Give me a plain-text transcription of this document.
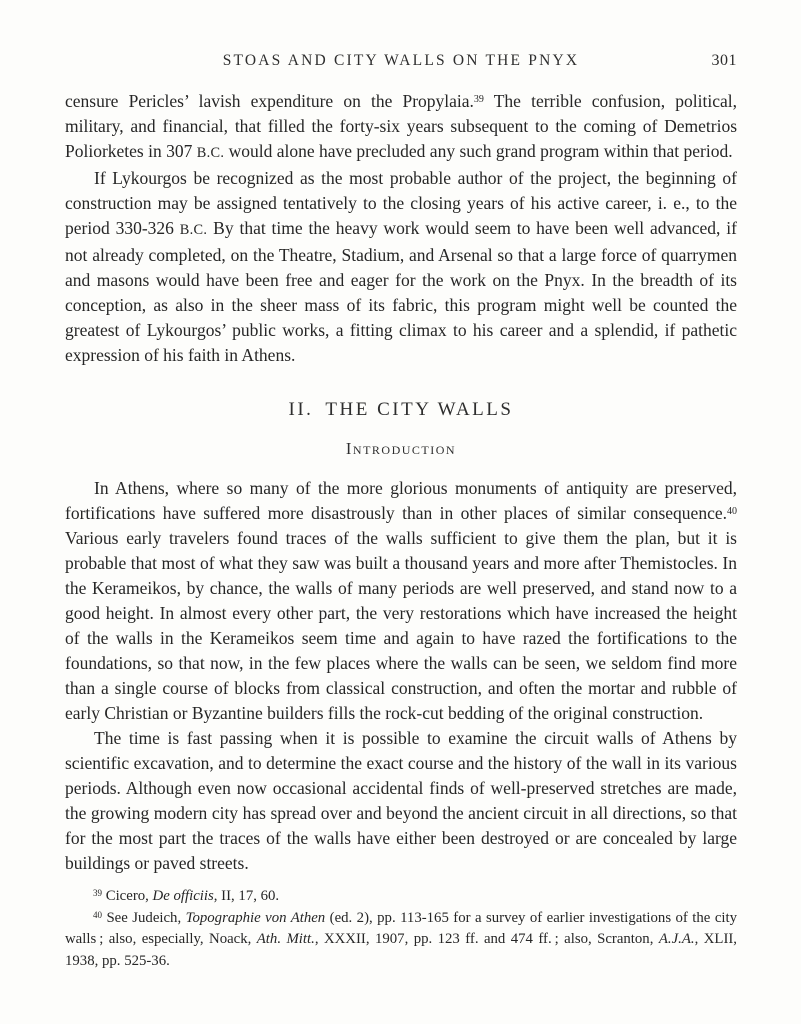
STOAS AND CITY WALLS ON THE PNYX	301

censure Pericles’ lavish expenditure on the Propylaia.$^{39}$ The terrible confusion, political, military, and financial, that filled the forty-six years subsequent to the coming of Demetrios Poliorketes in 307 B.C. would alone have precluded any such grand program within that period.

If Lykourgos be recognized as the most probable author of the project, the beginning of construction may be assigned tentatively to the closing years of his active career, i. e., to the period 330-326 B.C. By that time the heavy work would seem to have been well advanced, if not already completed, on the Theatre, Stadium, and Arsenal so that a large force of quarrymen and masons would have been free and eager for the work on the Pnyx. In the breadth of its conception, as also in the sheer mass of its fabric, this program might well be counted the greatest of Lykourgos’ public works, a fitting climax to his career and a splendid, if pathetic expression of his faith in Athens.

II. THE CITY WALLS
Introduction

In Athens, where so many of the more glorious monuments of antiquity are preserved, fortifications have suffered more disastrously than in other places of similar consequence.$^{40}$ Various early travelers found traces of the walls sufficient to give them the plan, but it is probable that most of what they saw was built a thousand years and more after Themistocles. In the Kerameikos, by chance, the walls of many periods are well preserved, and stand now to a good height. In almost every other part, the very restorations which have increased the height of the walls in the Kerameikos seem time and again to have razed the fortifications to the foundations, so that now, in the few places where the walls can be seen, we seldom find more than a single course of blocks from classical construction, and often the mortar and rubble of early Christian or Byzantine builders fills the rock-cut bedding of the original construction.

The time is fast passing when it is possible to examine the circuit walls of Athens by scientific excavation, and to determine the exact course and the history of the wall in its various periods. Although even now occasional accidental finds of well-preserved stretches are made, the growing modern city has spread over and beyond the ancient circuit in all directions, so that for the most part the traces of the walls have either been destroyed or are concealed by large buildings or paved streets.

$^{39}$ Cicero, De officiis, II, 17, 60.

$^{40}$ See Judeich, Topographie von Athen (ed. 2), pp. 113-165 for a survey of earlier investigations of the city walls ; also, especially, Noack, Ath. Mitt., XXXII, 1907, pp. 123 ff. and 474 ff. ; also, Scranton, A.J.A., XLII, 1938, pp. 525-36.
